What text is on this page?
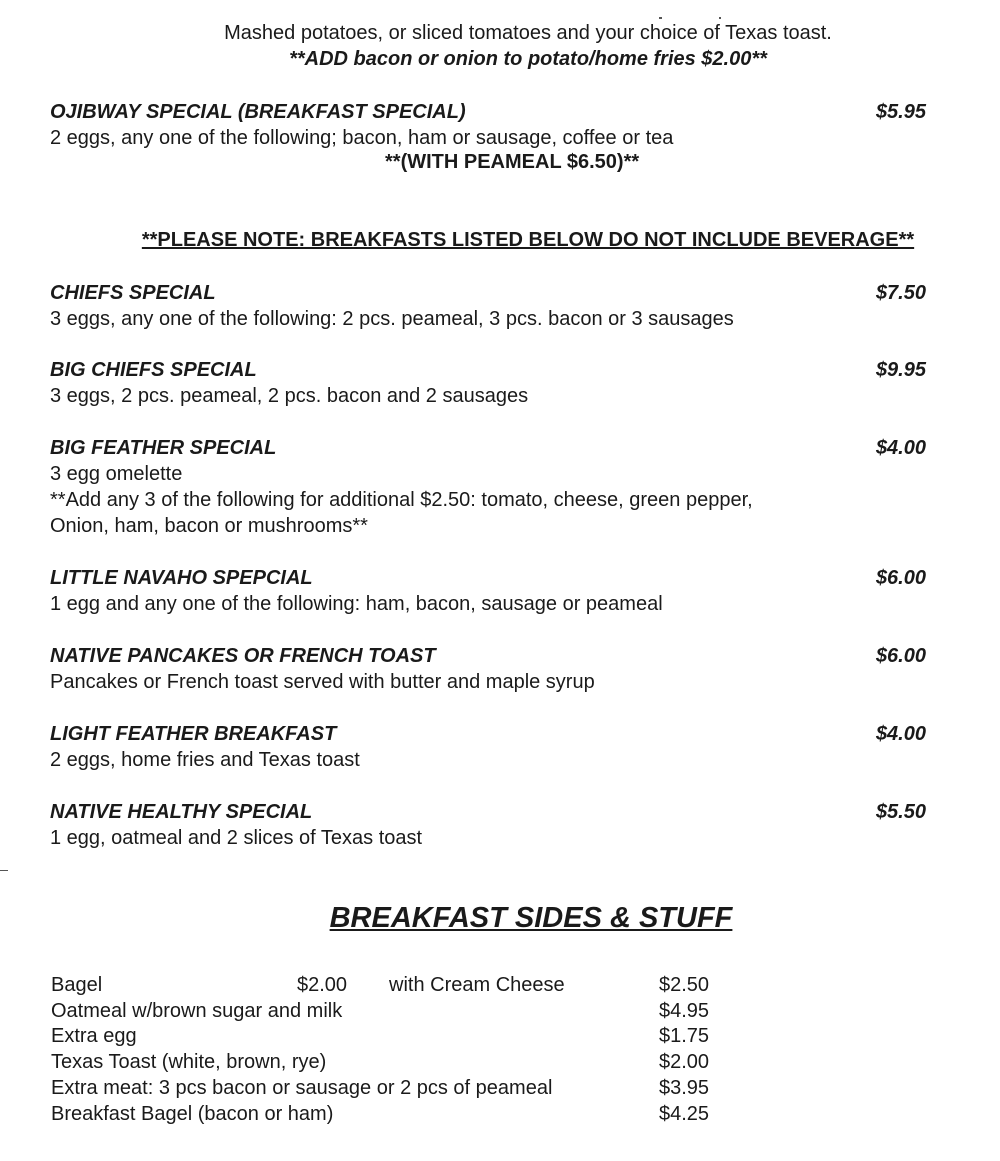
Mashed potatoes, or sliced tomatoes and your choice of Texas toast.
**ADD bacon or onion to potato/home fries $2.00**
OJIBWAY SPECIAL (BREAKFAST SPECIAL)	$5.95
2 eggs, any one of the following; bacon, ham or sausage, coffee or tea
**(WITH PEAMEAL $6.50)**
**PLEASE NOTE: BREAKFASTS LISTED BELOW DO NOT INCLUDE BEVERAGE**
CHIEFS SPECIAL	$7.50
3 eggs, any one of the following: 2 pcs. peameal, 3 pcs. bacon or 3 sausages
BIG CHIEFS SPECIAL	$9.95
3 eggs, 2 pcs. peameal, 2 pcs. bacon and 2 sausages
BIG FEATHER SPECIAL	$4.00
3 egg omelette
**Add any 3 of the following for additional $2.50: tomato, cheese, green pepper,
Onion, ham, bacon or mushrooms**
LITTLE NAVAHO SPEPCIAL	$6.00
1 egg and any one of the following: ham, bacon, sausage or peameal
NATIVE PANCAKES OR FRENCH TOAST	$6.00
Pancakes or French toast served with butter and maple syrup
LIGHT FEATHER BREAKFAST	$4.00
2 eggs, home fries and Texas toast
NATIVE HEALTHY SPECIAL	$5.50
1 egg, oatmeal and 2 slices of Texas toast
BREAKFAST SIDES & STUFF
Bagel	$2.00 with Cream Cheese	$2.50
Oatmeal w/brown sugar and milk	$4.95
Extra egg	$1.75
Texas Toast (white, brown, rye)	$2.00
Extra meat: 3 pcs bacon or sausage or 2 pcs of peameal	$3.95
Breakfast Bagel (bacon or ham)	$4.25
